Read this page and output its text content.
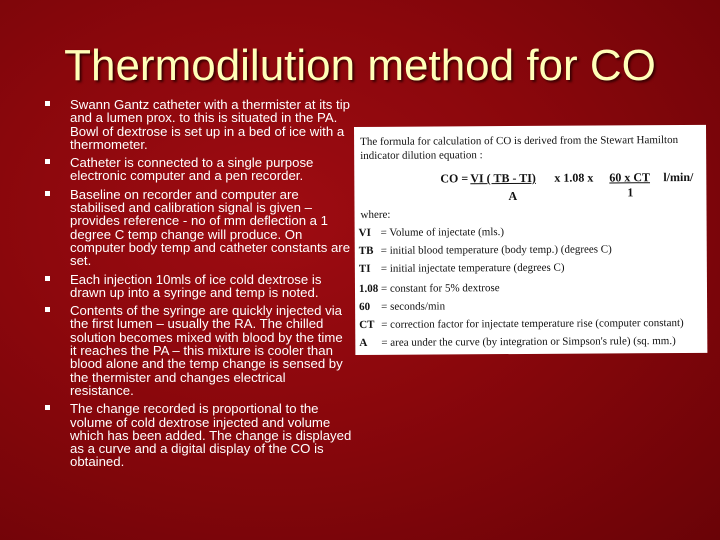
Thermodilution method for CO
Swann Gantz catheter with a thermister at its tip and a lumen prox. to this is situated in the PA. Bowl of dextrose is set up in a bed of ice with a thermometer.
Catheter is connected to a single purpose electronic computer and a pen recorder.
Baseline on recorder and computer are stabilised and calibration signal is given – provides reference - no of mm deflection a 1 degree C temp change will produce. On computer body temp and catheter constants are set.
Each injection 10mls of ice cold dextrose is drawn up into a syringe and temp is noted.
Contents of the syringe are quickly injected via the first lumen – usually the RA. The chilled solution becomes mixed with blood by the time it reaches the PA – this mixture is cooler than blood alone and the temp change is sensed by the thermister and changes electrical resistance.
The change recorded is proportional to the volume of cold dextrose injected and volume which has been added. The change is displayed as a curve and a digital display of the CO is obtained.
The formula for calculation of CO is derived from the Stewart Hamilton indicator dilution equation :
CO = VI ( TB - TI) x 1.08 x 60 x CT l/min/
A	1
where:
VI = Volume of injectate (mls.)
TB = initial blood temperature (body temp.) (degrees C)
TI = initial injectate temperature (degrees C)
1.08 = constant for 5% dextrose
60 = seconds/min
CT = correction factor for injectate temperature rise (computer constant)
A = area under the curve (by integration or Simpson's rule) (sq. mm.)
